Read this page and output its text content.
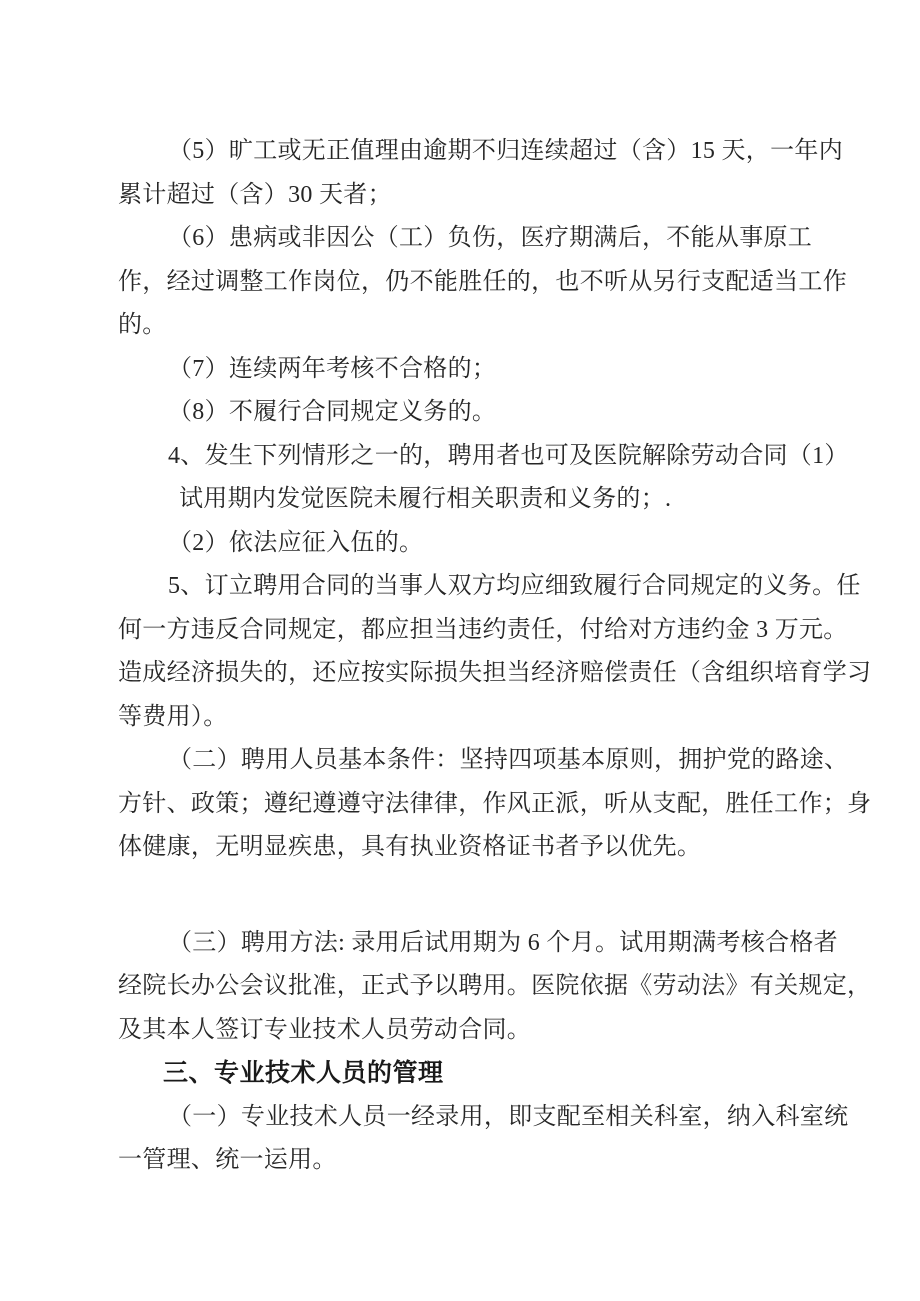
（5）旷工或无正值理由逾期不归连续超过（含）15 天，一年内
累计超过（含）30 天者；
（6）患病或非因公（工）负伤，医疗期满后，不能从事原工
作，经过调整工作岗位，仍不能胜任的，也不听从另行支配适当工作
的。
（7）连续两年考核不合格的；
（8）不履行合同规定义务的。
4、发生下列情形之一的，聘用者也可及医院解除劳动合同（1）
试用期内发觉医院未履行相关职责和义务的；.
（2）依法应征入伍的。
5、订立聘用合同的当事人双方均应细致履行合同规定的义务。任
何一方违反合同规定，都应担当违约责任，付给对方违约金 3 万元。
造成经济损失的，还应按实际损失担当经济赔偿责任（含组织培育学习
等费用）。
（二）聘用人员基本条件：坚持四项基本原则，拥护党的路途、
方针、政策；遵纪遵遵守法律律，作风正派，听从支配，胜任工作；身
体健康，无明显疾患，具有执业资格证书者予以优先。
（三）聘用方法: 录用后试用期为 6 个月。试用期满考核合格者
经院长办公会议批准，正式予以聘用。医院依据《劳动法》有关规定，
及其本人签订专业技术人员劳动合同。
三、专业技术人员的管理
（一）专业技术人员一经录用，即支配至相关科室，纳入科室统
一管理、统一运用。
